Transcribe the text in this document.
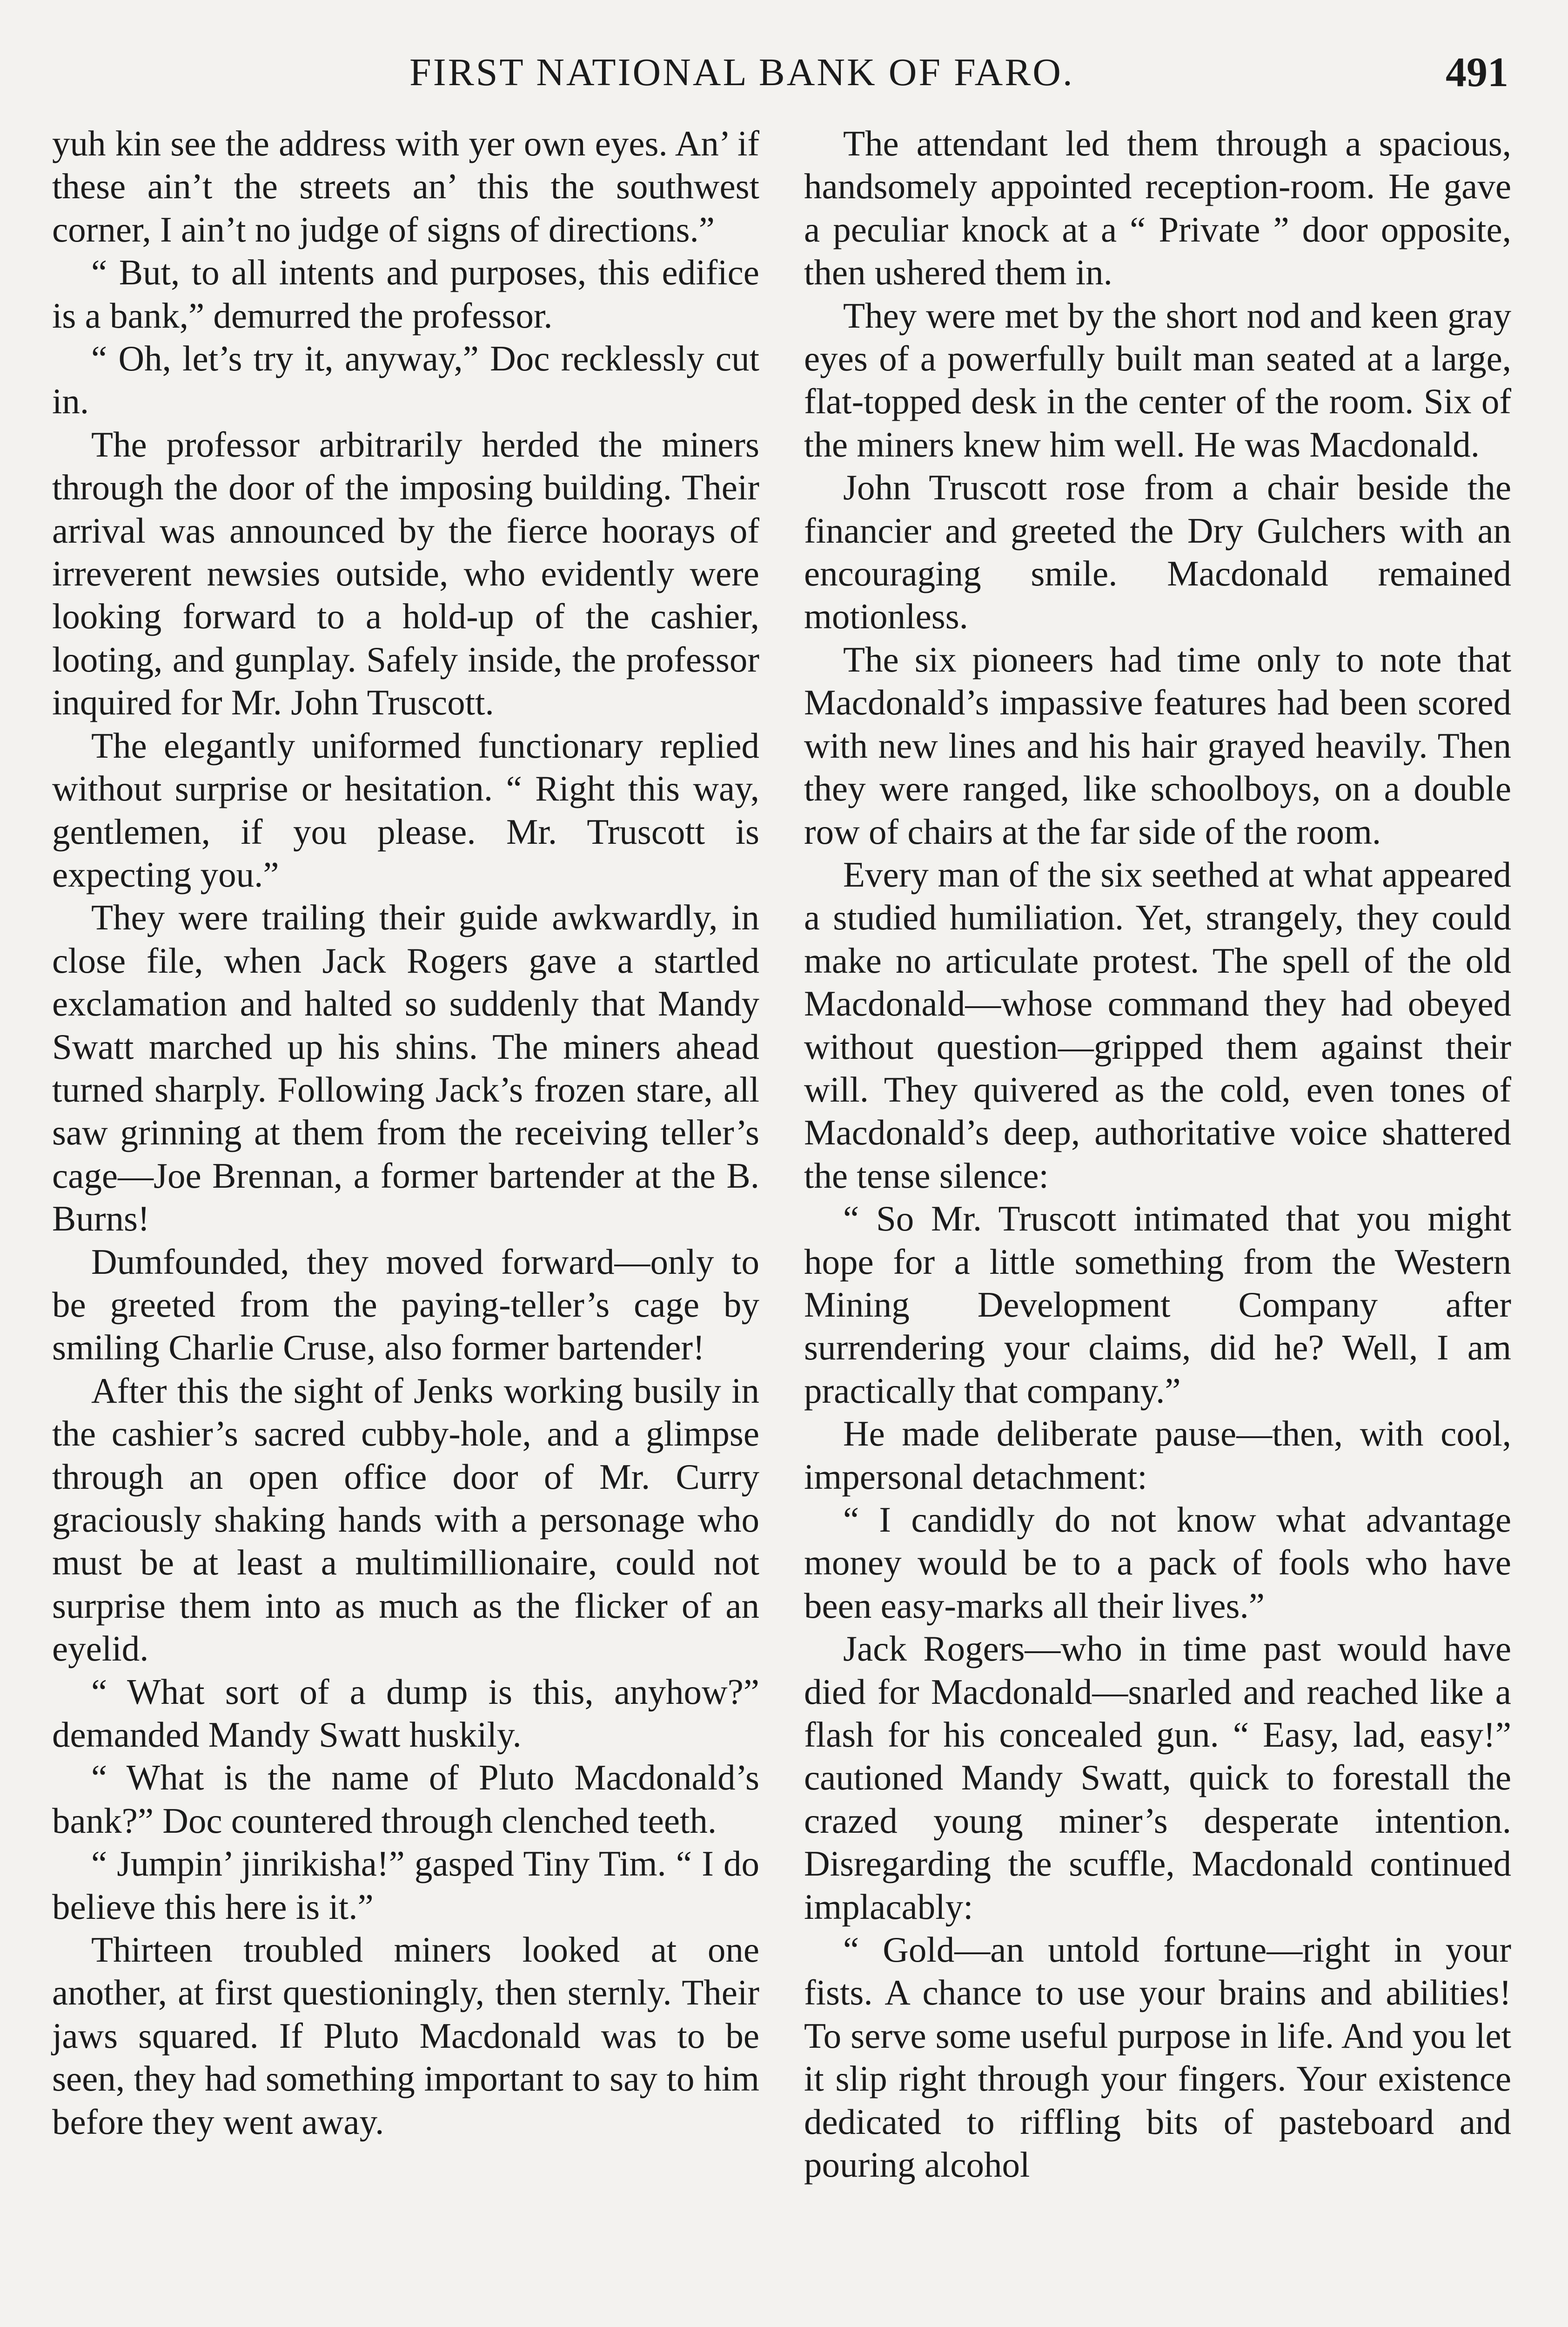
FIRST NATIONAL BANK OF FARO.	491

yuh kin see the address with yer own eyes. An’ if these ain’t the streets an’ this the southwest corner, I ain’t no judge of signs of directions.”

“ But, to all intents and purposes, this edifice is a bank,” demurred the professor.

“ Oh, let’s try it, anyway,” Doc recklessly cut in.

The professor arbitrarily herded the miners through the door of the imposing building. Their arrival was announced by the fierce hoorays of irreverent newsies outside, who evidently were looking forward to a hold-up of the cashier, looting, and gunplay. Safely inside, the professor inquired for Mr. John Truscott.

The elegantly uniformed functionary replied without surprise or hesitation. “ Right this way, gentlemen, if you please. Mr. Truscott is expecting you.”

They were trailing their guide awkwardly, in close file, when Jack Rogers gave a startled exclamation and halted so suddenly that Mandy Swatt marched up his shins. The miners ahead turned sharply. Following Jack’s frozen stare, all saw grinning at them from the receiving teller’s cage—Joe Brennan, a former bartender at the B. Burns!

Dumfounded, they moved forward—only to be greeted from the paying-teller’s cage by smiling Charlie Cruse, also former bartender!

After this the sight of Jenks working busily in the cashier’s sacred cubby-hole, and a glimpse through an open office door of Mr. Curry graciously shaking hands with a personage who must be at least a multimillionaire, could not surprise them into as much as the flicker of an eyelid.

“ What sort of a dump is this, anyhow?” demanded Mandy Swatt huskily.

“ What is the name of Pluto Macdonald’s bank?” Doc countered through clenched teeth.

“ Jumpin’ jinrikisha!” gasped Tiny Tim. “ I do believe this here is it.”

Thirteen troubled miners looked at one another, at first questioningly, then sternly. Their jaws squared. If Pluto Macdonald was to be seen, they had something important to say to him before they went away.

The attendant led them through a spacious, handsomely appointed reception-room. He gave a peculiar knock at a “ Private ” door opposite, then ushered them in.

They were met by the short nod and keen gray eyes of a powerfully built man seated at a large, flat-topped desk in the center of the room. Six of the miners knew him well. He was Macdonald.

John Truscott rose from a chair beside the financier and greeted the Dry Gulchers with an encouraging smile. Macdonald remained motionless.

The six pioneers had time only to note that Macdonald’s impassive features had been scored with new lines and his hair grayed heavily. Then they were ranged, like schoolboys, on a double row of chairs at the far side of the room.

Every man of the six seethed at what appeared a studied humiliation. Yet, strangely, they could make no articulate protest. The spell of the old Macdonald—whose command they had obeyed without question—gripped them against their will. They quivered as the cold, even tones of Macdonald’s deep, authoritative voice shattered the tense silence:

“ So Mr. Truscott intimated that you might hope for a little something from the Western Mining Development Company after surrendering your claims, did he? Well, I am practically that company.”

He made deliberate pause—then, with cool, impersonal detachment:

“ I candidly do not know what advantage money would be to a pack of fools who have been easy-marks all their lives.”

Jack Rogers—who in time past would have died for Macdonald—snarled and reached like a flash for his concealed gun. “ Easy, lad, easy!” cautioned Mandy Swatt, quick to forestall the crazed young miner’s desperate intention. Disregarding the scuffle, Macdonald continued implacably:

“ Gold—an untold fortune—right in your fists. A chance to use your brains and abilities! To serve some useful purpose in life. And you let it slip right through your fingers. Your existence dedicated to riffling bits of pasteboard and pouring alcohol
